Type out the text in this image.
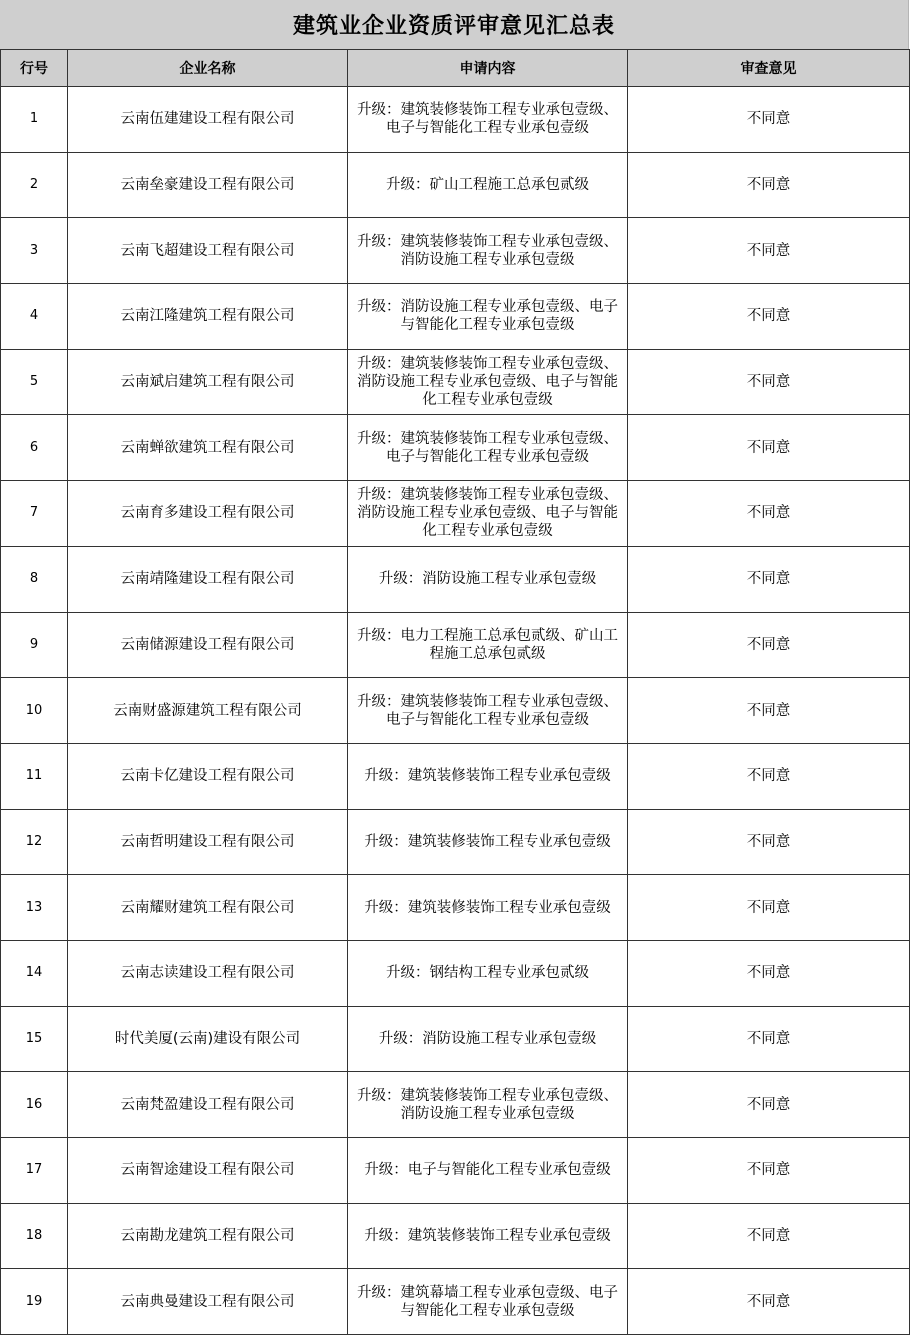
建筑业企业资质评审意见汇总表
行号	企业名称	申请内容	审查意见
1	云南伍建建设工程有限公司	升级：建筑装修装饰工程专业承包壹级、电子与智能化工程专业承包壹级	不同意
2	云南垒豪建设工程有限公司	升级：矿山工程施工总承包贰级	不同意
3	云南飞超建设工程有限公司	升级：建筑装修装饰工程专业承包壹级、消防设施工程专业承包壹级	不同意
4	云南江隆建筑工程有限公司	升级：消防设施工程专业承包壹级、电子与智能化工程专业承包壹级	不同意
5	云南斌启建筑工程有限公司	升级：建筑装修装饰工程专业承包壹级、消防设施工程专业承包壹级、电子与智能化工程专业承包壹级	不同意
6	云南蝉欲建筑工程有限公司	升级：建筑装修装饰工程专业承包壹级、电子与智能化工程专业承包壹级	不同意
7	云南育多建设工程有限公司	升级：建筑装修装饰工程专业承包壹级、消防设施工程专业承包壹级、电子与智能化工程专业承包壹级	不同意
8	云南靖隆建设工程有限公司	升级：消防设施工程专业承包壹级	不同意
9	云南储源建设工程有限公司	升级：电力工程施工总承包贰级、矿山工程施工总承包贰级	不同意
10	云南财盛源建筑工程有限公司	升级：建筑装修装饰工程专业承包壹级、电子与智能化工程专业承包壹级	不同意
11	云南卡亿建设工程有限公司	升级：建筑装修装饰工程专业承包壹级	不同意
12	云南哲明建设工程有限公司	升级：建筑装修装饰工程专业承包壹级	不同意
13	云南耀财建筑工程有限公司	升级：建筑装修装饰工程专业承包壹级	不同意
14	云南志读建设工程有限公司	升级：钢结构工程专业承包贰级	不同意
15	时代美厦(云南)建设有限公司	升级：消防设施工程专业承包壹级	不同意
16	云南梵盈建设工程有限公司	升级：建筑装修装饰工程专业承包壹级、消防设施工程专业承包壹级	不同意
17	云南智途建设工程有限公司	升级：电子与智能化工程专业承包壹级	不同意
18	云南勘龙建筑工程有限公司	升级：建筑装修装饰工程专业承包壹级	不同意
19	云南典曼建设工程有限公司	升级：建筑幕墙工程专业承包壹级、电子与智能化工程专业承包壹级	不同意
